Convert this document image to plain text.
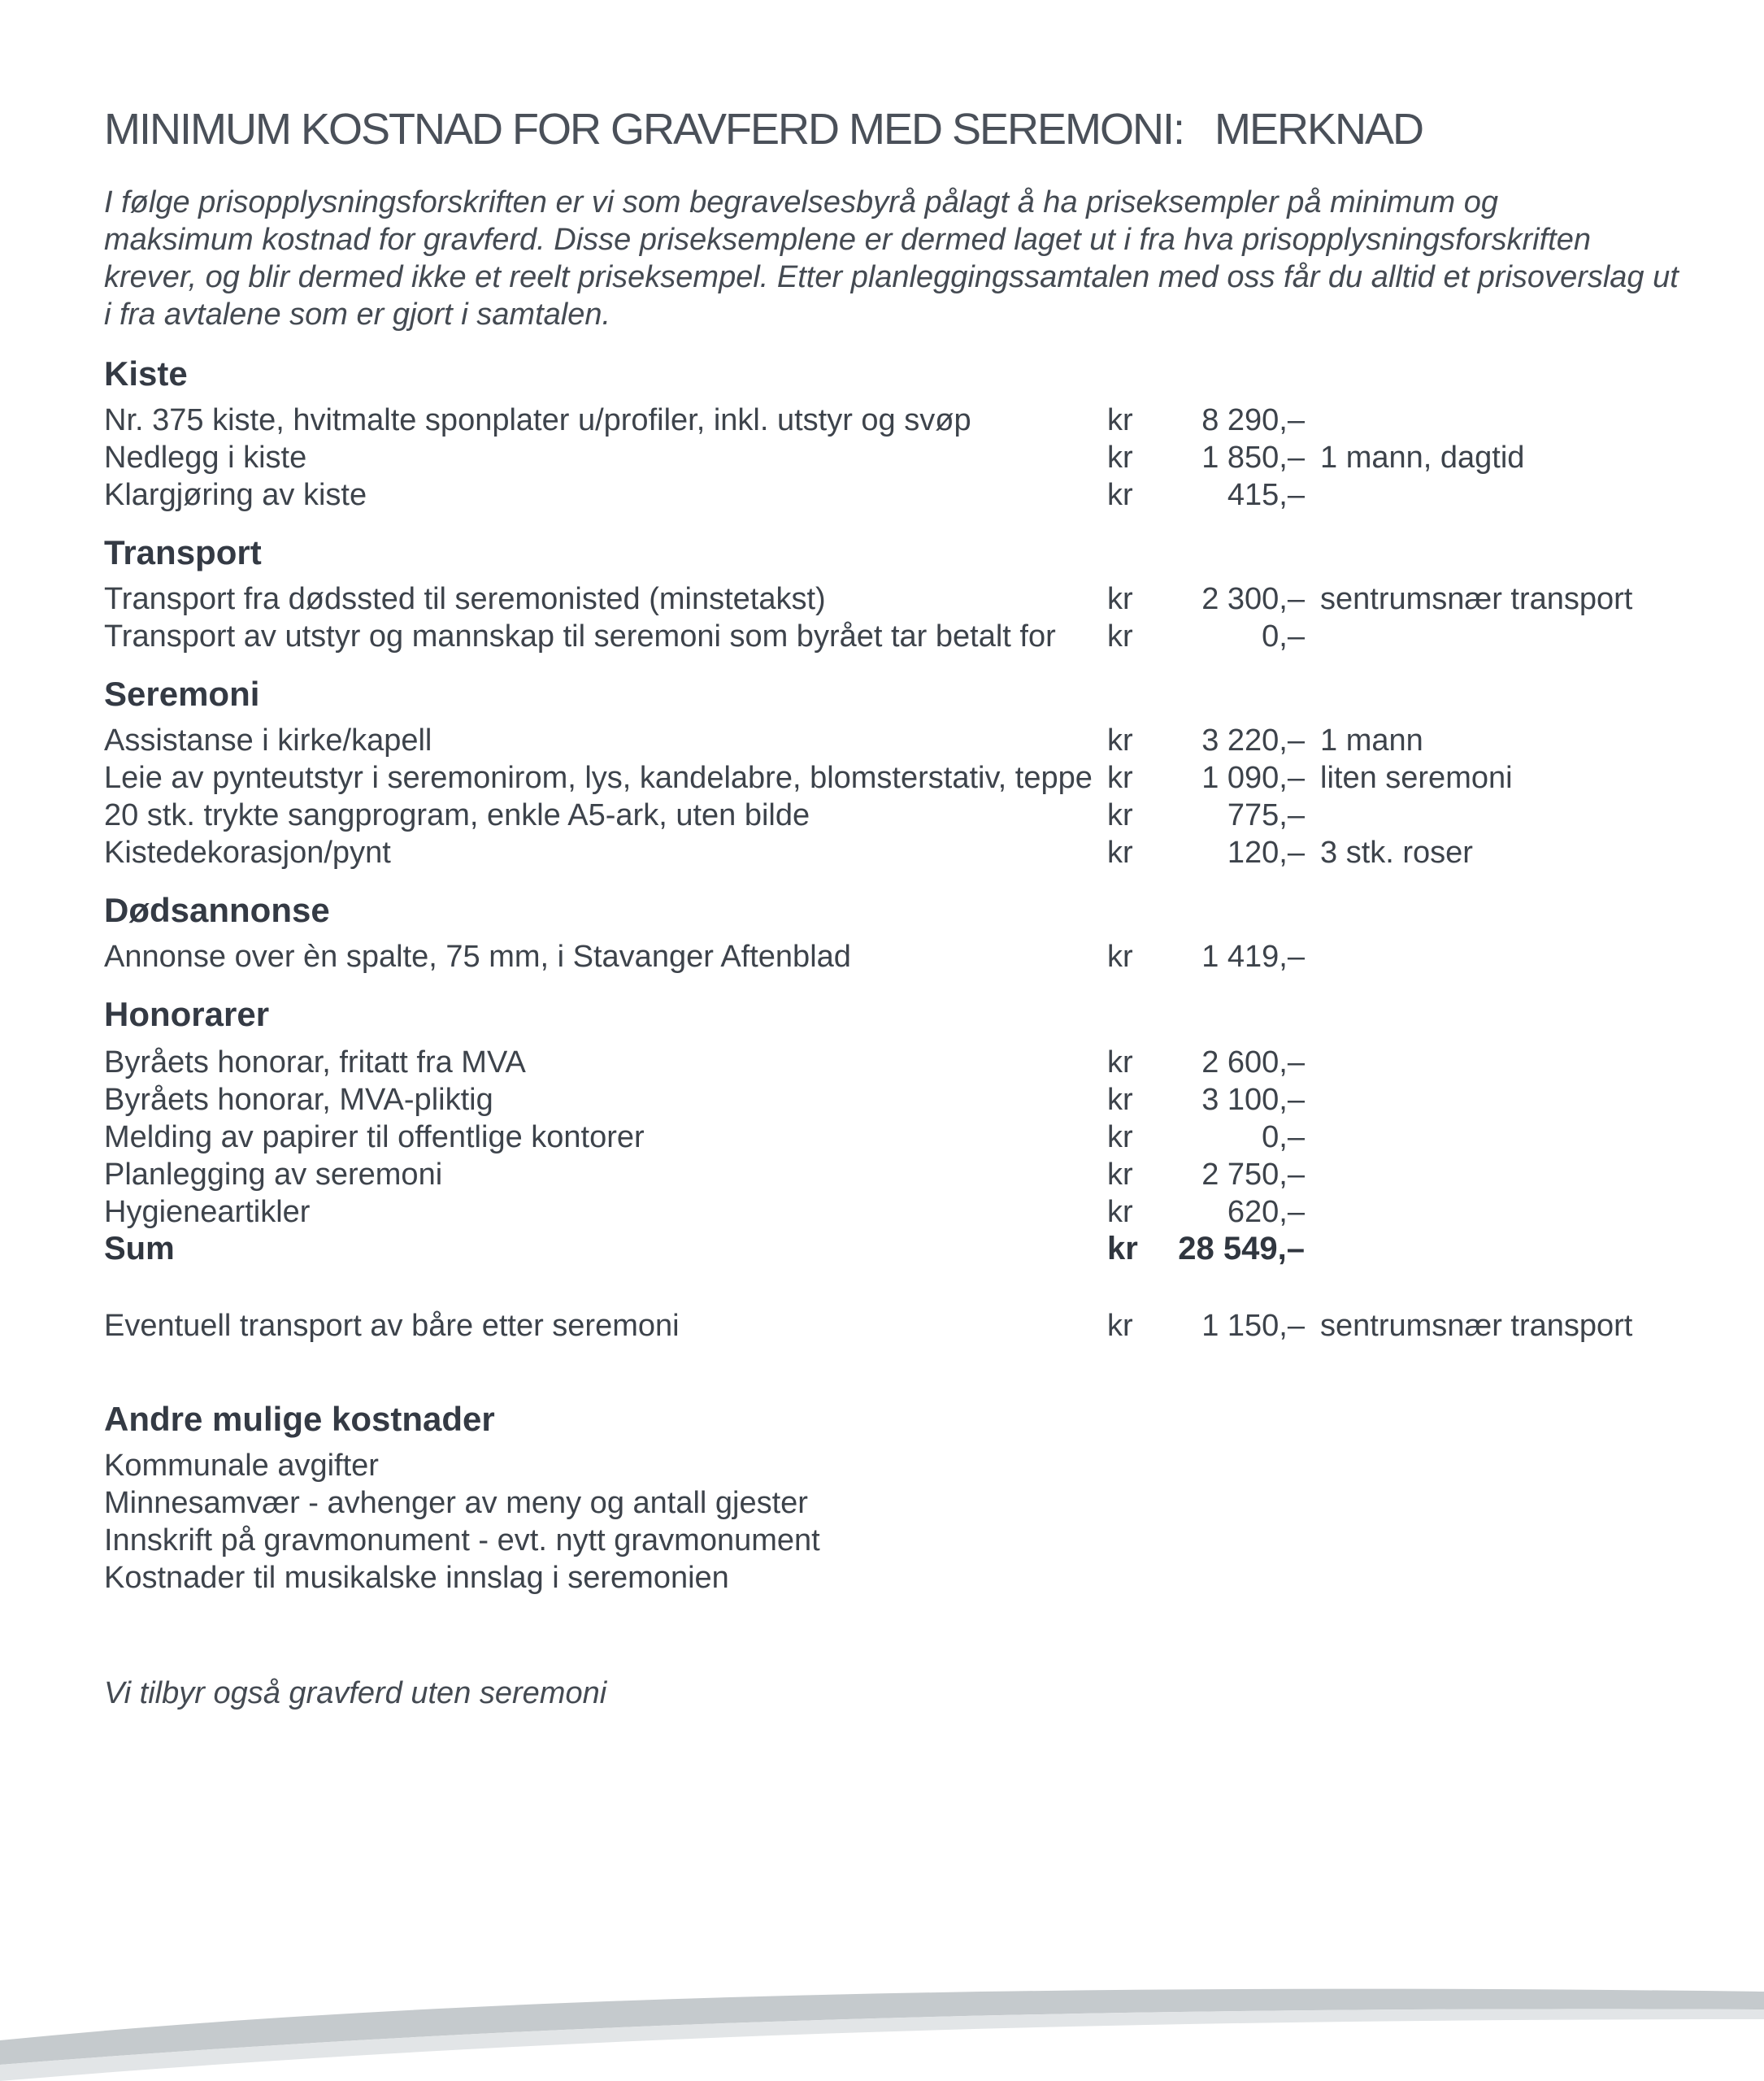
MINIMUM KOSTNAD FOR GRAVFERD MED SEREMONI: MERKNAD
I følge prisopplysningsforskriften er vi som begravelsesbyrå pålagt å ha priseksempler på minimum og
maksimum kostnad for gravferd. Disse priseksemplene er dermed laget ut i fra hva prisopplysningsforskriften
krever, og blir dermed ikke et reelt priseksempel. Etter planleggingssamtalen med oss får du alltid et prisoverslag ut
i fra avtalene som er gjort i samtalen.
Kiste
Nr. 375 kiste, hvitmalte sponplater u/profiler, inkl. utstyr og svøp	kr 8 290,–
Nedlegg i kiste	kr 1 850,– 1 mann, dagtid
Klargjøring av kiste	kr	415,–
Transport
Transport fra dødssted til seremonisted (minstetakst)	kr 2 300,– sentrumsnær transport
Transport av utstyr og mannskap til seremoni som byrået tar betalt for kr	0,–
Seremoni
Assistanse i kirke/kapell	kr 3 220,– 1 mann
Leie av pynteutstyr i seremonirom, lys, kandelabre, blomsterstativ, teppe kr 1 090,– liten seremoni
20 stk. trykte sangprogram, enkle A5-ark, uten bilde	kr	775,–
Kistedekorasjon/pynt	kr	120,– 3 stk. roser
Dødsannonse
Annonse over èn spalte, 75 mm, i Stavanger Aftenblad	kr 1 419,–
Honorarer
Byråets honorar, fritatt fra MVA	kr 2 600,–
Byråets honorar, MVA-pliktig	kr 3 100,–
Melding av papirer til offentlige kontorer	kr	0,–
Planlegging av seremoni	kr 2 750,–
Hygieneartikler	kr	620,–
Sum	kr 28 549,–
Eventuell transport av båre etter seremoni	kr 1 150,– sentrumsnær transport
Andre mulige kostnader
Kommunale avgifter
Minnesamvær - avhenger av meny og antall gjester
Innskrift på gravmonument - evt. nytt gravmonument
Kostnader til musikalske innslag i seremonien
Vi tilbyr også gravferd uten seremoni
